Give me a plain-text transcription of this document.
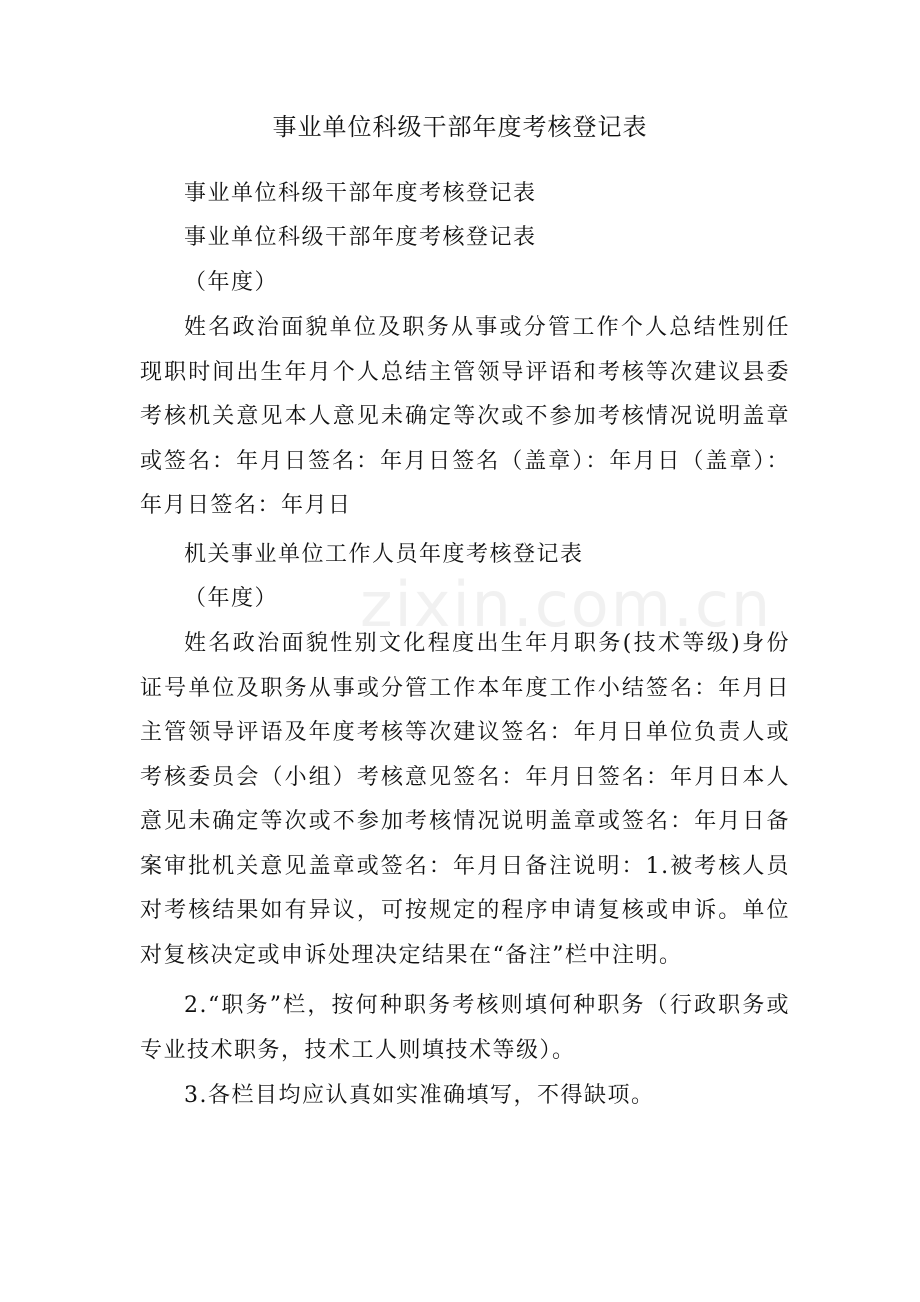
zixin.com.cn
事业单位科级干部年度考核登记表

事业单位科级干部年度考核登记表

事业单位科级干部年度考核登记表

（年度）

姓名政治面貌单位及职务从事或分管工作个人总结性别任现职时间出生年月个人总结主管领导评语和考核等次建议县委考核机关意见本人意见未确定等次或不参加考核情况说明盖章或签名：年月日签名：年月日签名（盖章）：年月日（盖章）：年月日签名：年月日

机关事业单位工作人员年度考核登记表

（年度）

姓名政治面貌性别文化程度出生年月职务(技术等级)身份证号单位及职务从事或分管工作本年度工作小结签名：年月日主管领导评语及年度考核等次建议签名：年月日单位负责人或考核委员会（小组）考核意见签名：年月日签名：年月日本人意见未确定等次或不参加考核情况说明盖章或签名：年月日备案审批机关意见盖章或签名：年月日备注说明：1.被考核人员对考核结果如有异议，可按规定的程序申请复核或申诉。单位对复核决定或申诉处理决定结果在“备注”栏中注明。

2.“职务”栏，按何种职务考核则填何种职务（行政职务或专业技术职务，技术工人则填技术等级）。

3.各栏目均应认真如实准确填写，不得缺项。
